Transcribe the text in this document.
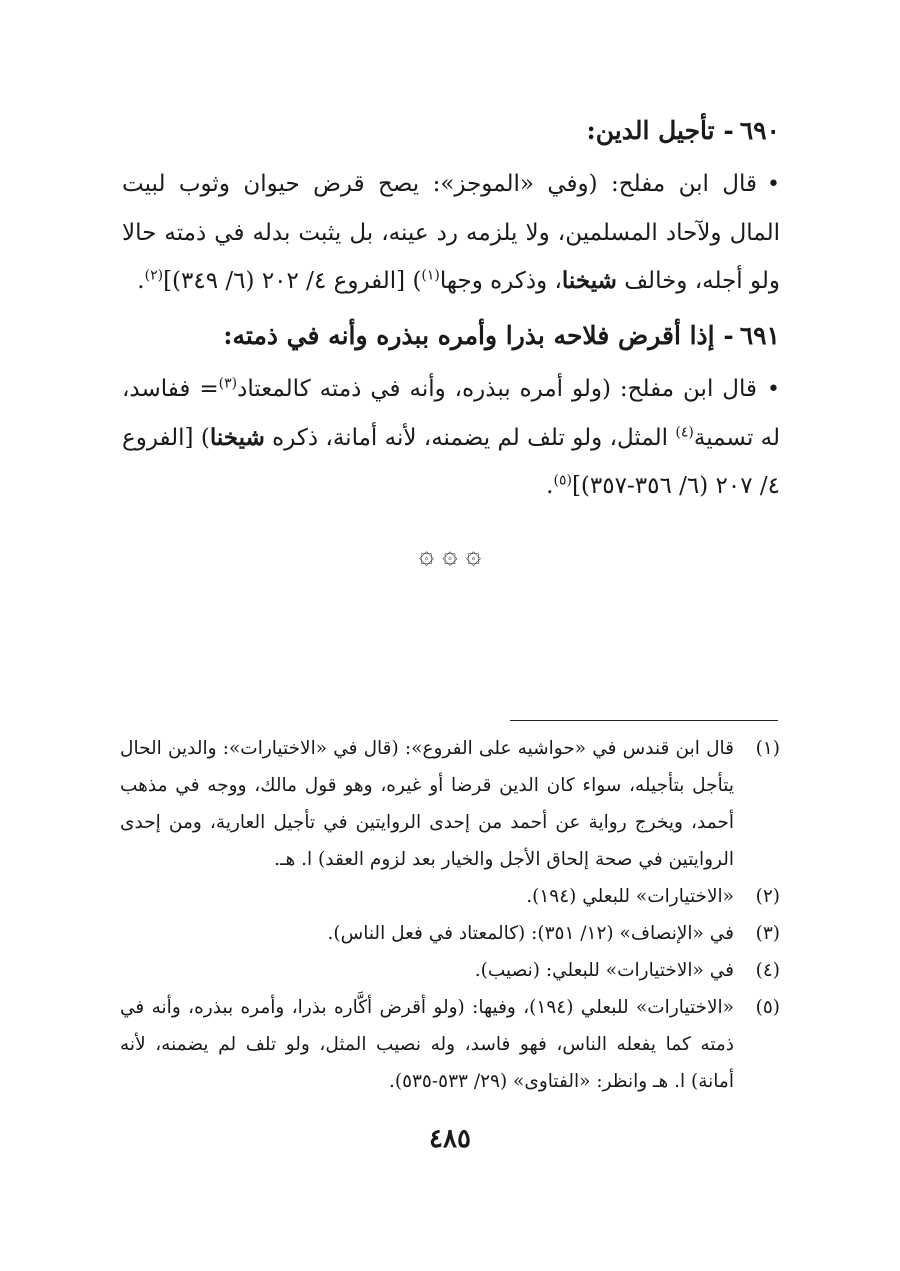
٦٩٠- تأجيل الدين:

•قال ابن مفلح: (وفي «الموجز»: يصح قرض حيوان وثوب لبيت المال ولآحاد المسلمين، ولا يلزمه رد عينه، بل يثبت بدله في ذمته حالا ولو أجله، وخالف شيخنا، وذكره وجها$^{(١)}$) [الفروع ٤/ ٢٠٢ (٦/ ٣٤٩)]$^{(٢)}$.

٦٩١- إذا أقرض فلاحه بذرا وأمره ببذره وأنه في ذمته:

•قال ابن مفلح: (ولو أمره ببذره، وأنه في ذمته كالمعتاد$^{(٣)}$= ففاسد، له تسمية$^{(٤)}$ المثل، ولو تلف لم يضمنه، لأنه أمانة، ذكره شيخنا) [الفروع ٤/ ٢٠٧ (٦/ ٣٥٦-٣٥٧)]$^{(٥)}$.

۞ ۞ ۞
(١)
قال ابن قندس في «حواشيه على الفروع»: (قال في «الاختيارات»: والدين الحال يتأجل بتأجيله، سواء كان الدين قرضا أو غيره، وهو قول مالك، ووجه في مذهب أحمد، ويخرج رواية عن أحمد من إحدى الروايتين في تأجيل العارية، ومن إحدى الروايتين في صحة إلحاق الأجل والخيار بعد لزوم العقد) ا. هـ.
(٢)
«الاختيارات» للبعلي (١٩٤).
(٣)
في «الإنصاف» (١٢/ ٣٥١): (كالمعتاد في فعل الناس).
(٤)
في «الاختيارات» للبعلي: (نصيب).
(٥)
«الاختيارات» للبعلي (١٩٤)، وفيها: (ولو أقرض أكَّاره بذرا، وأمره ببذره، وأنه في ذمته كما يفعله الناس، فهو فاسد، وله نصيب المثل، ولو تلف لم يضمنه، لأنه أمانة) ا. هـ وانظر: «الفتاوى» (٢٩/ ٥٣٣-٥٣٥).
٤٨٥
